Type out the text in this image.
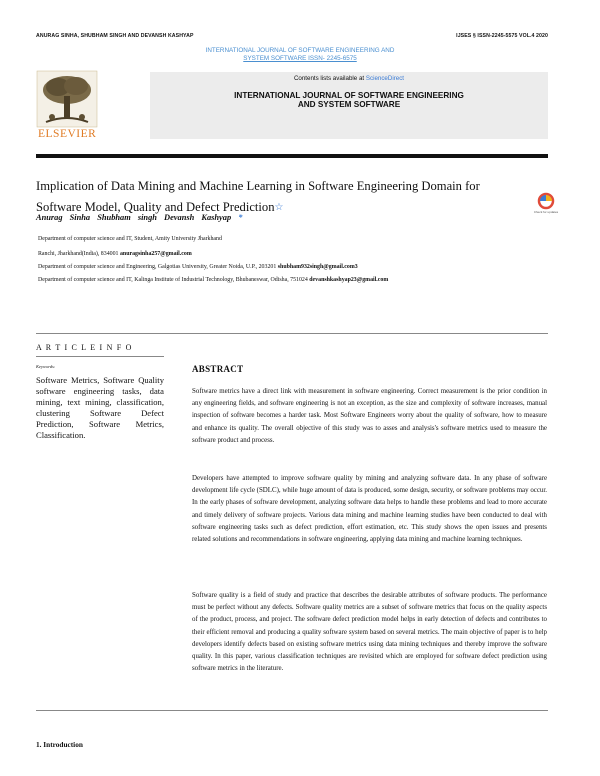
ANURAG SINHA, SHUBHAM SINGH AND DEVANSH KASHYAP	IJSES § ISSN-2245-5575 VOL.4 2020
INTERNATIONAL JOURNAL OF SOFTWARE ENGINEERING AND
SYSTEM SOFTWARE ISSN- 2245-6575
ELSEVIER
Contents lists available at ScienceDirect
INTERNATIONAL JOURNAL OF SOFTWARE ENGINEERING
AND SYSTEM SOFTWARE
Implication of Data Mining and Machine Learning in Software Engineering Domain for
Software Model, Quality and Defect Prediction☆	Check for updates
Anurag Sinha Shubham singh Devansh Kashyap *
Department of computer science and IT, Student, Amity University Jharkhand
Ranchi, Jharkhand(India), 834001 anuragsinha257@gmail.com
Department of computer science and Engineering, Galgotias University, Greater Noida, U.P., 203201 shubham932singh@gmail.com3
Department of computer science and IT, Kalinga Institute of Industrial Technology, Bhubaneswar, Odisha, 751024 devanshkashyap23@gmail.com
A R T I C L E I N F O
Keywords:
Software Metrics, Software Quality software engineering tasks, data mining, text mining, classification, clustering Software Defect Prediction, Software Metrics, Classification.
ABSTRACT
Software metrics have a direct link with measurement in software engineering. Correct measurement is the prior condition in any engineering fields, and software engineering is not an exception, as the size and complexity of software increases, manual inspection of software becomes a harder task. Most Software Engineers worry about the quality of software, how to measure and enhance its quality. The overall objective of this study was to asses and analysis's software metrics used to measure the software product and process.
Developers have attempted to improve software quality by mining and analyzing software data. In any phase of software development life cycle (SDLC), while huge amount of data is produced, some design, security, or software problems may occur. In the early phases of software development, analyzing software data helps to handle these problems and lead to more accurate and timely delivery of software projects. Various data mining and machine learning studies have been conducted to deal with software engineering tasks such as defect prediction, effort estimation, etc. This study shows the open issues and presents related solutions and recommendations in software engineering, applying data mining and machine learning techniques.
Software quality is a field of study and practice that describes the desirable attributes of software products. The performance must be perfect without any defects. Software quality metrics are a subset of software metrics that focus on the quality aspects of the product, process, and project. The software defect prediction model helps in early detection of defects and contributes to their efficient removal and producing a quality software system based on several metrics. The main objective of paper is to help developers identify defects based on existing software metrics using data mining techniques and thereby improve the software quality. In this paper, various classification techniques are revisited which are employed for software defect prediction using software metrics in the literature.
1. Introduction
